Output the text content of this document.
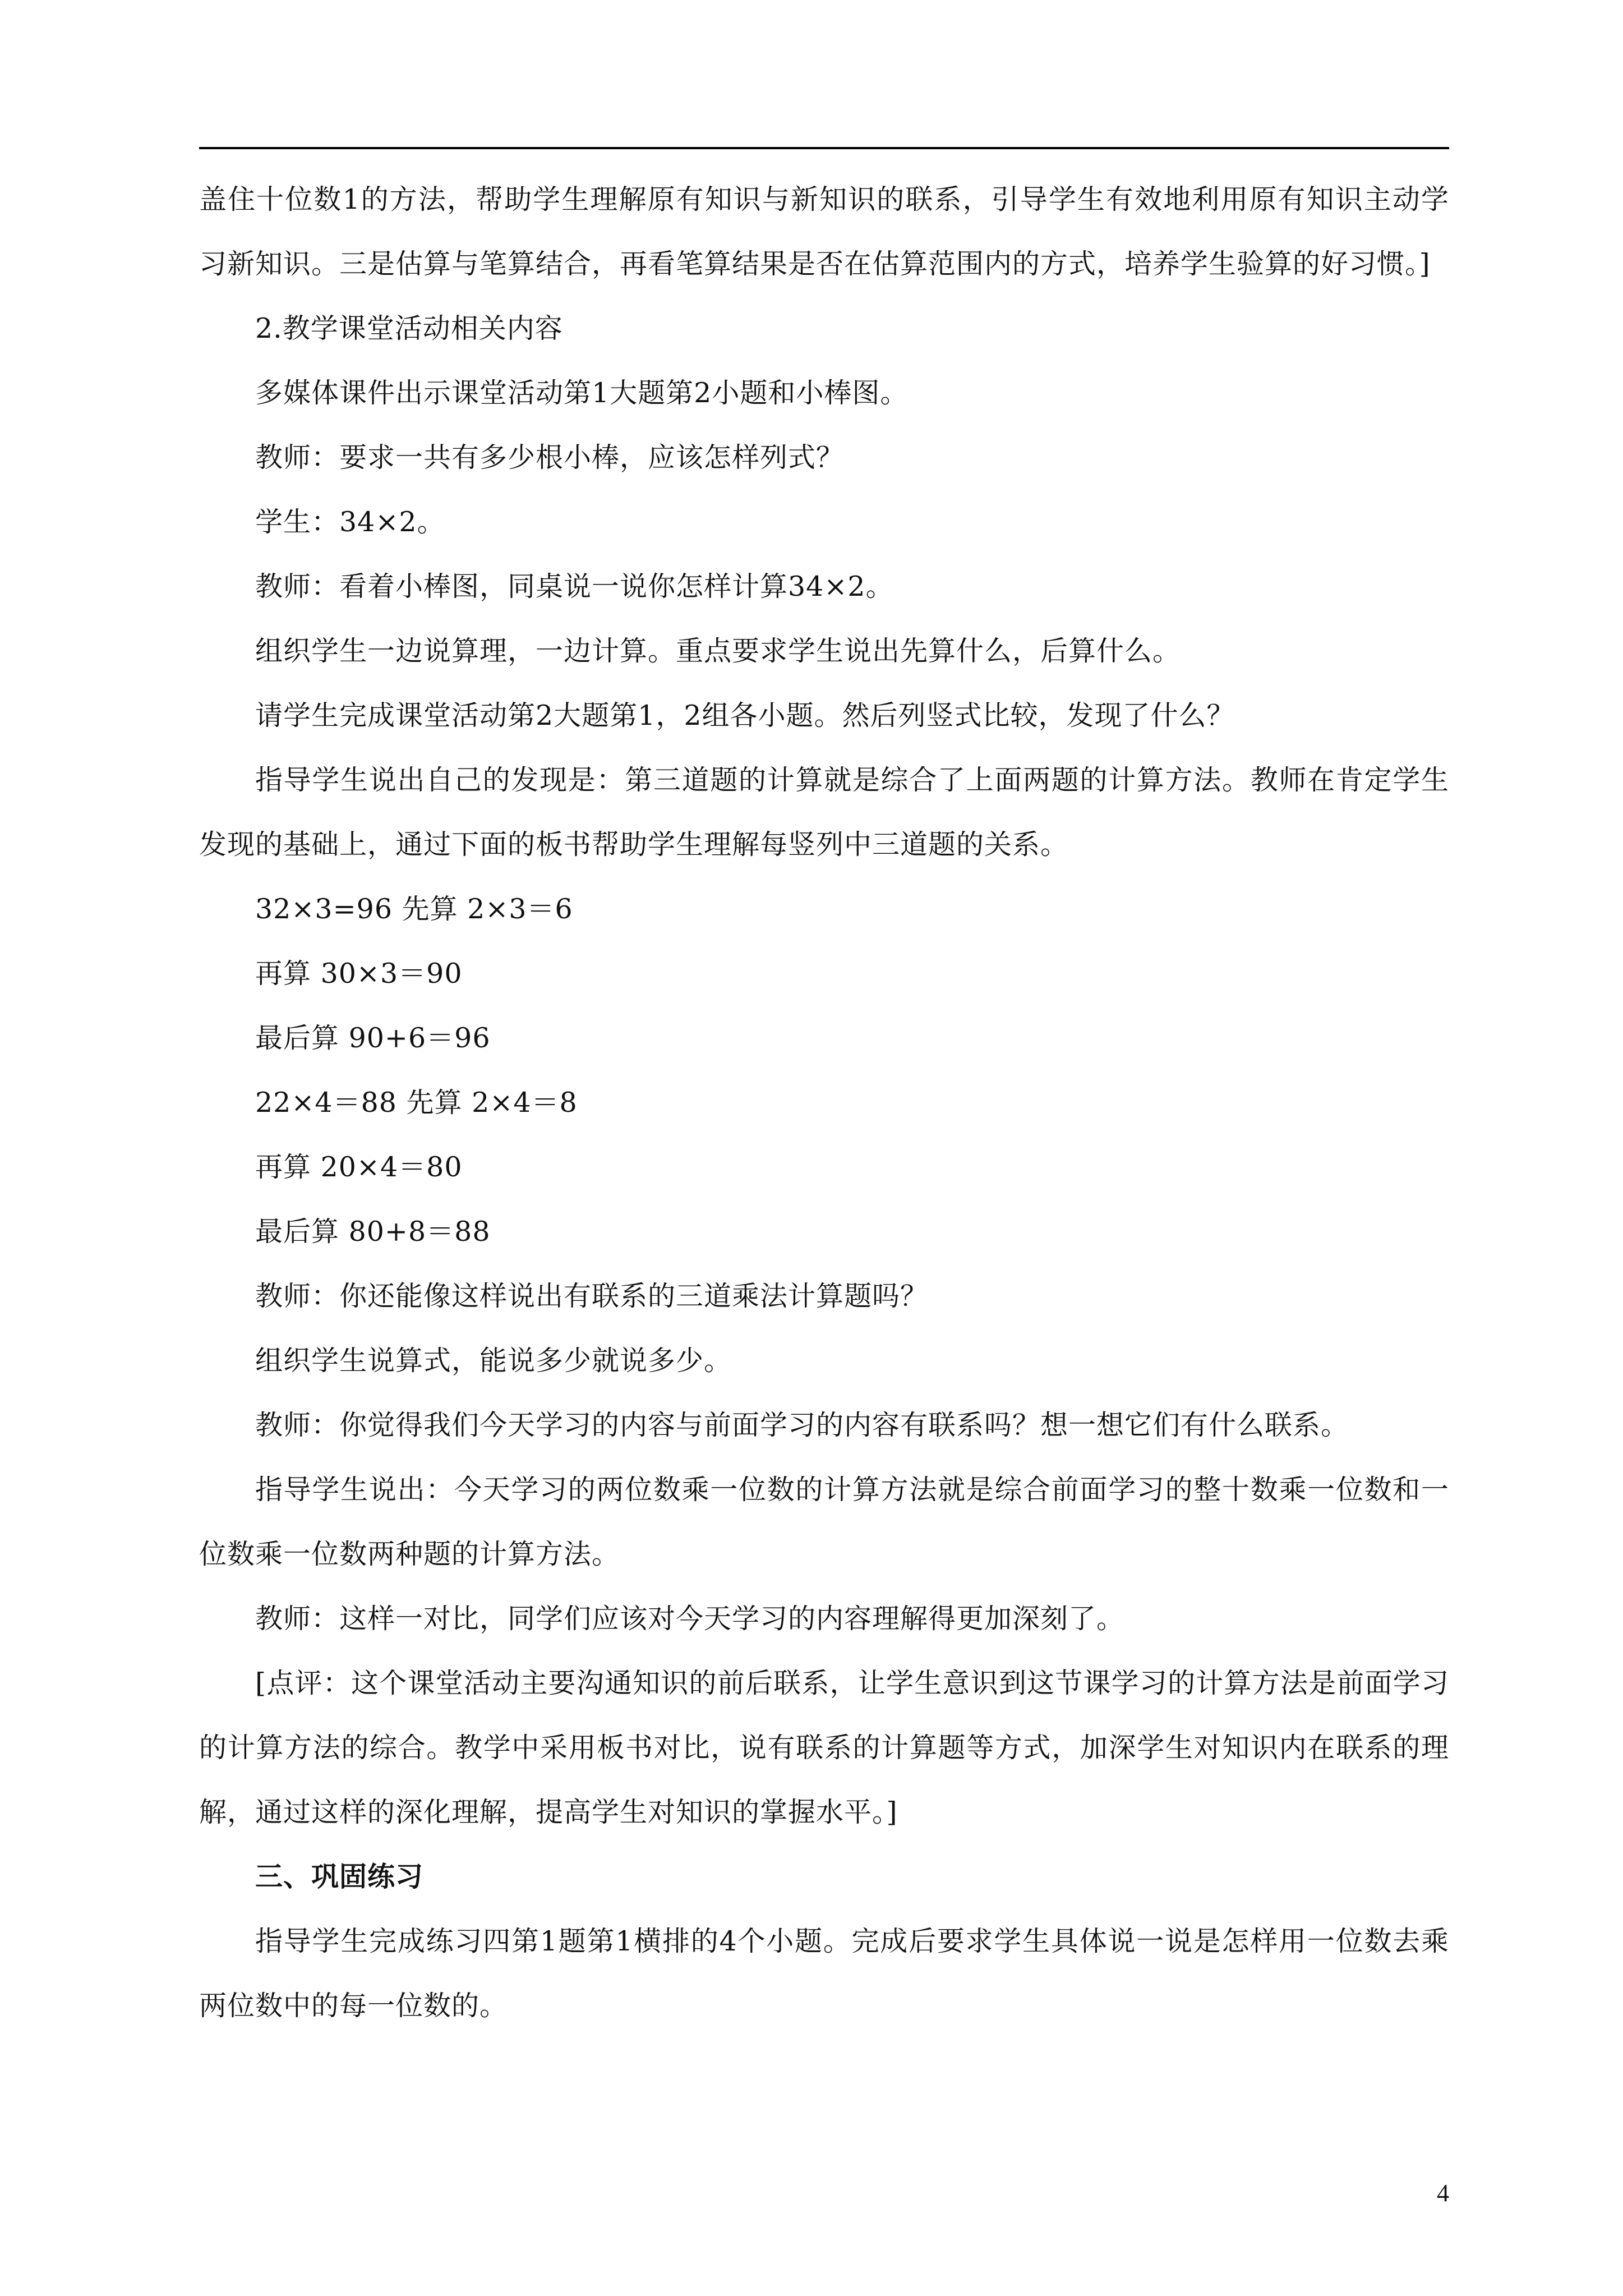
盖住十位数1的方法，帮助学生理解原有知识与新知识的联系，引导学生有效地利用原有知识主动学习新知识。三是估算与笔算结合，再看笔算结果是否在估算范围内的方式，培养学生验算的好习惯。]

2.教学课堂活动相关内容

多媒体课件出示课堂活动第1大题第2小题和小棒图。

教师：要求一共有多少根小棒，应该怎样列式？

学生：34×2。

教师：看着小棒图，同桌说一说你怎样计算34×2。

组织学生一边说算理，一边计算。重点要求学生说出先算什么，后算什么。

请学生完成课堂活动第2大题第1，2组各小题。然后列竖式比较，发现了什么？

指导学生说出自己的发现是：第三道题的计算就是综合了上面两题的计算方法。教师在肯定学生发现的基础上，通过下面的板书帮助学生理解每竖列中三道题的关系。

32×3=96 先算 2×3＝6

再算 30×3＝90

最后算 90+6＝96

22×4＝88 先算 2×4＝8

再算 20×4＝80

最后算 80+8＝88

教师：你还能像这样说出有联系的三道乘法计算题吗？

组织学生说算式，能说多少就说多少。

教师：你觉得我们今天学习的内容与前面学习的内容有联系吗？想一想它们有什么联系。

指导学生说出：今天学习的两位数乘一位数的计算方法就是综合前面学习的整十数乘一位数和一位数乘一位数两种题的计算方法。

教师：这样一对比，同学们应该对今天学习的内容理解得更加深刻了。

[点评：这个课堂活动主要沟通知识的前后联系，让学生意识到这节课学习的计算方法是前面学习的计算方法的综合。教学中采用板书对比，说有联系的计算题等方式，加深学生对知识内在联系的理解，通过这样的深化理解，提高学生对知识的掌握水平。]

三、巩固练习

指导学生完成练习四第1题第1横排的4个小题。完成后要求学生具体说一说是怎样用一位数去乘两位数中的每一位数的。

4
